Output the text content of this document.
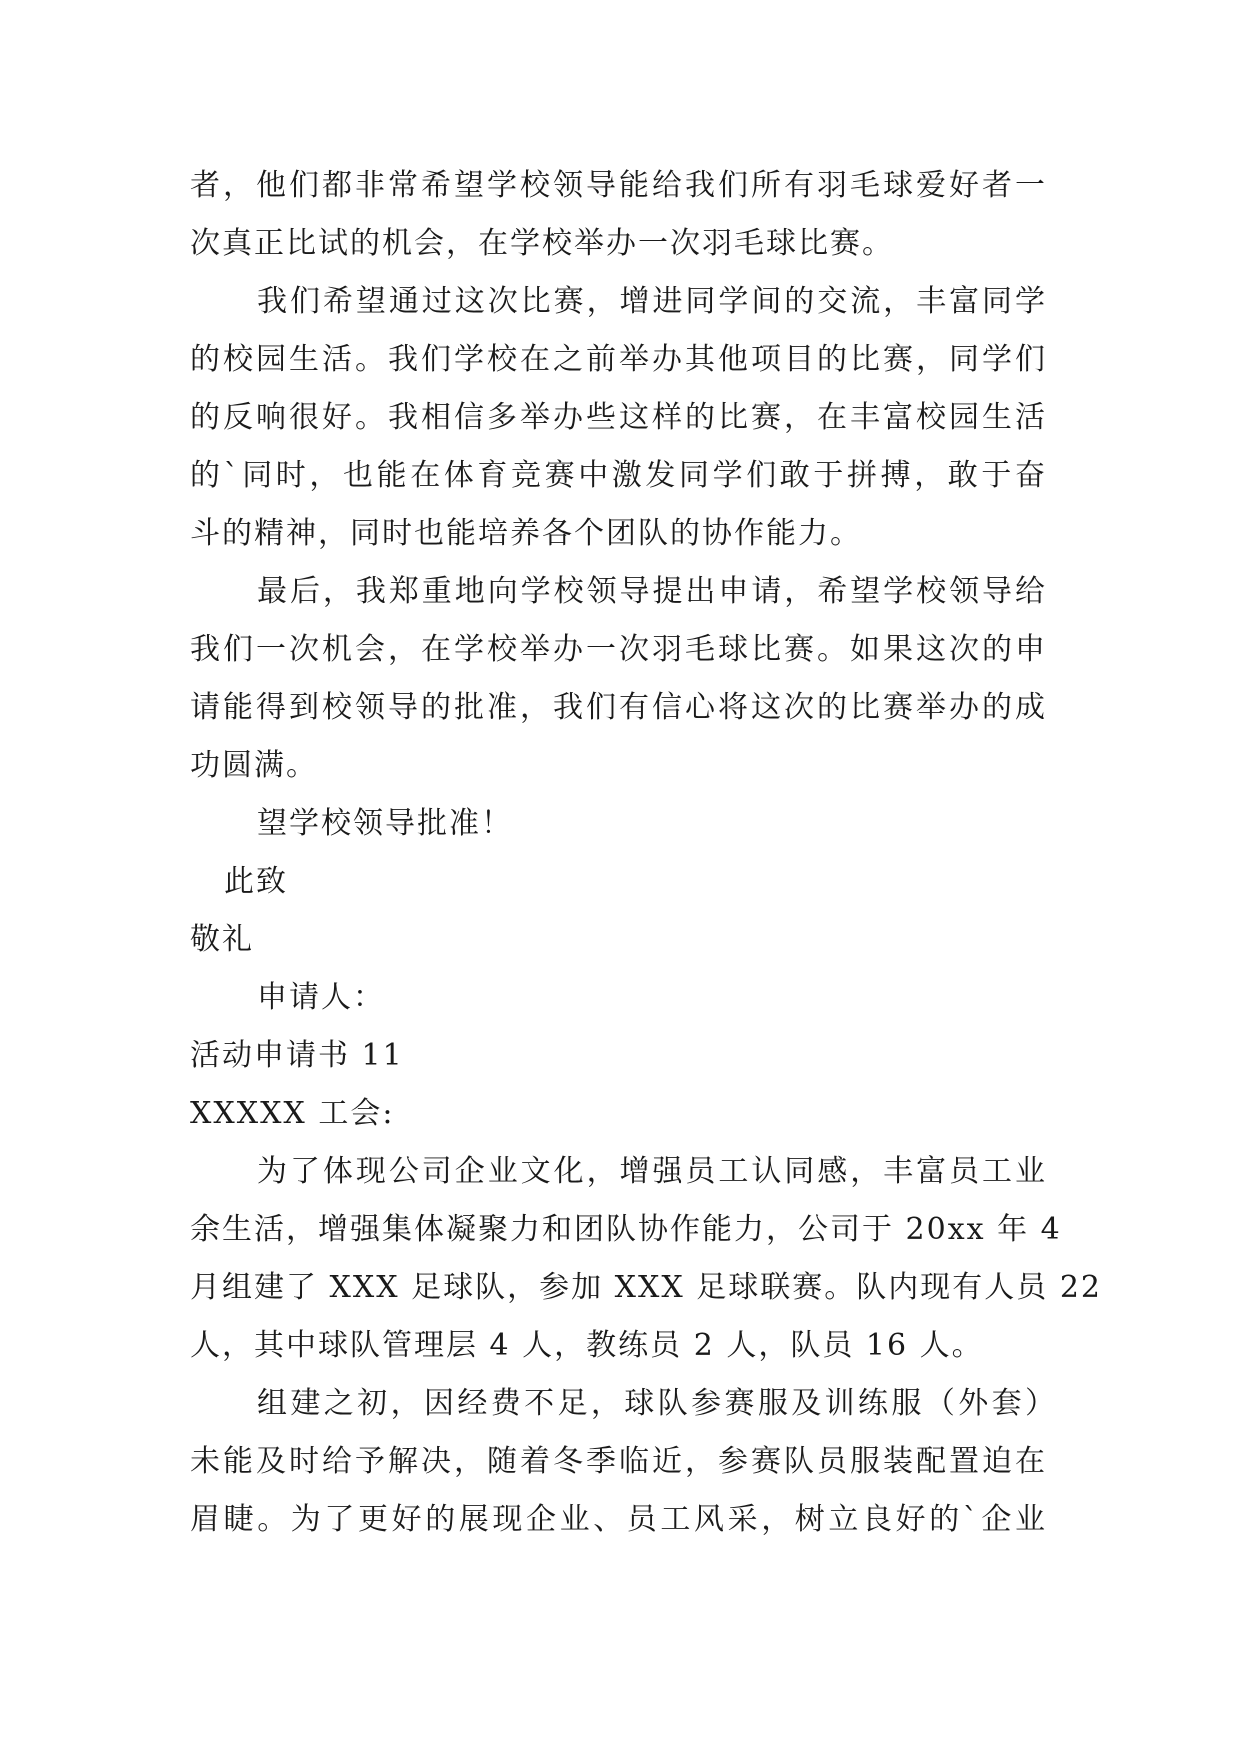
者，他们都非常希望学校领导能给我们所有羽毛球爱好者一
次真正比试的机会，在学校举办一次羽毛球比赛。
我们希望通过这次比赛，增进同学间的交流，丰富同学
的校园生活。我们学校在之前举办其他项目的比赛，同学们
的反响很好。我相信多举办些这样的比赛，在丰富校园生活
的`同时，也能在体育竞赛中激发同学们敢于拼搏，敢于奋
斗的精神，同时也能培养各个团队的协作能力。
最后，我郑重地向学校领导提出申请，希望学校领导给
我们一次机会，在学校举办一次羽毛球比赛。如果这次的申
请能得到校领导的批准，我们有信心将这次的比赛举办的成
功圆满。
望学校领导批准！
此致
敬礼
申请人：
活动申请书 11
XXXXX 工会:
为了体现公司企业文化，增强员工认同感，丰富员工业
余生活，增强集体凝聚力和团队协作能力，公司于 20xx 年 4
月组建了 XXX 足球队，参加 XXX 足球联赛。队内现有人员 22
人，其中球队管理层 4 人，教练员 2 人，队员 16 人。
组建之初，因经费不足，球队参赛服及训练服（外套）
未能及时给予解决，随着冬季临近，参赛队员服装配置迫在
眉睫。为了更好的展现企业、员工风采，树立良好的`企业
